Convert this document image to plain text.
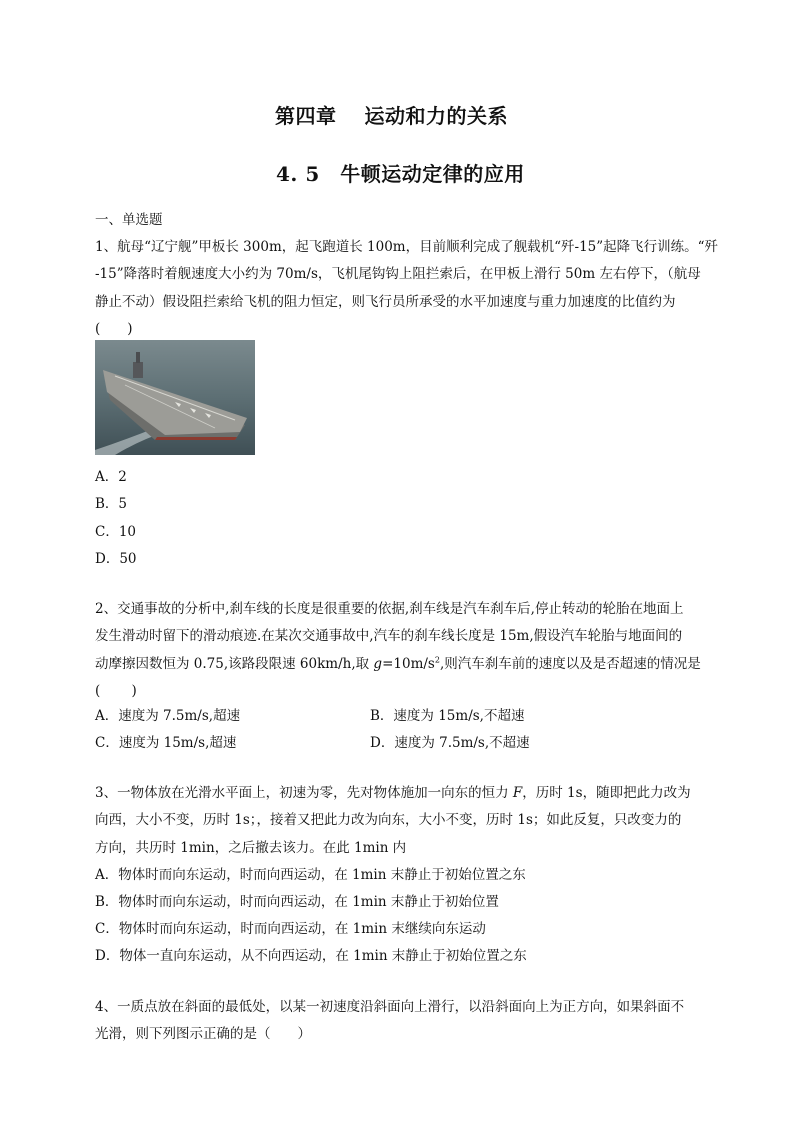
第四章　 运动和力的关系
4. 5　牛顿运动定律的应用
一、单选题
1、航母“辽宁舰”甲板长 300m，起飞跑道长 100m，目前顺利完成了舰载机“歼-15”起降飞行训练。“歼
-15”降落时着舰速度大小约为 70m/s，飞机尾钩钩上阻拦索后，在甲板上滑行 50m 左右停下，（航母
静止不动）假设阻拦索给飞机的阻力恒定，则飞行员所承受的水平加速度与重力加速度的比值约为
(　　)
A．2
B．5
C．10
D．50
2、交通事故的分析中,刹车线的长度是很重要的依据,刹车线是汽车刹车后,停止转动的轮胎在地面上
发生滑动时留下的滑动痕迹.在某次交通事故中,汽车的刹车线长度是 15m,假设汽车轮胎与地面间的
动摩擦因数恒为 0.75,该路段限速 60km/h,取 $g=10m/s^2$,则汽车刹车前的速度以及是否超速的情况是
(　　 )
A．速度为 7.5m/s,超速	B．速度为 15m/s,不超速
C．速度为 15m/s,超速	D．速度为 7.5m/s,不超速
3、一物体放在光滑水平面上，初速为零，先对物体施加一向东的恒力 F，历时 1s，随即把此力改为
向西，大小不变，历时 1s；，接着又把此力改为向东，大小不变，历时 1s；如此反复，只改变力的
方向，共历时 1min，之后撤去该力。在此 1min 内
A．物体时而向东运动，时而向西运动，在 1min 末静止于初始位置之东
B．物体时而向东运动，时而向西运动，在 1min 末静止于初始位置
C．物体时而向东运动，时而向西运动，在 1min 末继续向东运动
D．物体一直向东运动，从不向西运动，在 1min 末静止于初始位置之东
4、一质点放在斜面的最低处，以某一初速度沿斜面向上滑行，以沿斜面向上为正方向，如果斜面不
光滑，则下列图示正确的是（　　）
